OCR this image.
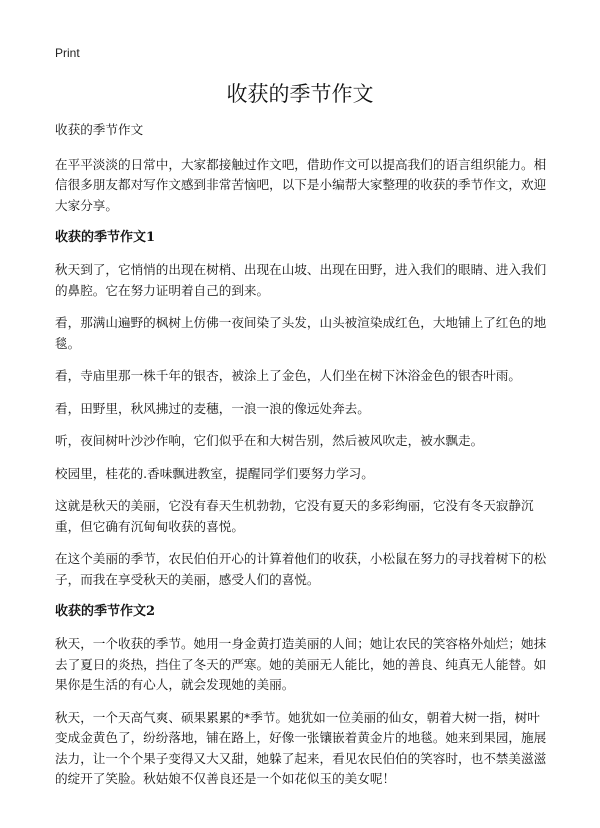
Print
收获的季节作文

收获的季节作文

在平平淡淡的日常中，大家都接触过作文吧，借助作文可以提高我们的语言组织能力。相信很多朋友都对写作文感到非常苦恼吧，以下是小编帮大家整理的收获的季节作文，欢迎大家分享。

收获的季节作文1

秋天到了，它悄悄的出现在树梢、出现在山坡、出现在田野，进入我们的眼睛、进入我们的鼻腔。它在努力证明着自己的到来。

看，那满山遍野的枫树上仿佛一夜间染了头发，山头被渲染成红色，大地铺上了红色的地毯。

看，寺庙里那一株千年的银杏，被涂上了金色，人们坐在树下沐浴金色的银杏叶雨。

看，田野里，秋风拂过的麦穗，一浪一浪的像远处奔去。

听，夜间树叶沙沙作响，它们似乎在和大树告别，然后被风吹走，被水飘走。

校园里，桂花的.香味飘进教室，提醒同学们要努力学习。

这就是秋天的美丽，它没有春天生机勃勃，它没有夏天的多彩绚丽，它没有冬天寂静沉重，但它确有沉甸甸收获的喜悦。

在这个美丽的季节，农民伯伯开心的计算着他们的收获，小松鼠在努力的寻找着树下的松子，而我在享受秋天的美丽，感受人们的喜悦。

收获的季节作文2

秋天，一个收获的季节。她用一身金黄打造美丽的人间；她让农民的笑容格外灿烂；她抹去了夏日的炎热，挡住了冬天的严寒。她的美丽无人能比，她的善良、纯真无人能替。如果你是生活的有心人，就会发现她的美丽。

秋天，一个天高气爽、硕果累累的*季节。她犹如一位美丽的仙女，朝着大树一指，树叶变成金黄色了，纷纷落地，铺在路上，好像一张镶嵌着黄金片的地毯。她来到果园，施展法力，让一个个果子变得又大又甜，她躲了起来，看见农民伯伯的笑容时，也不禁美滋滋的绽开了笑脸。秋姑娘不仅善良还是一个如花似玉的美女呢！
